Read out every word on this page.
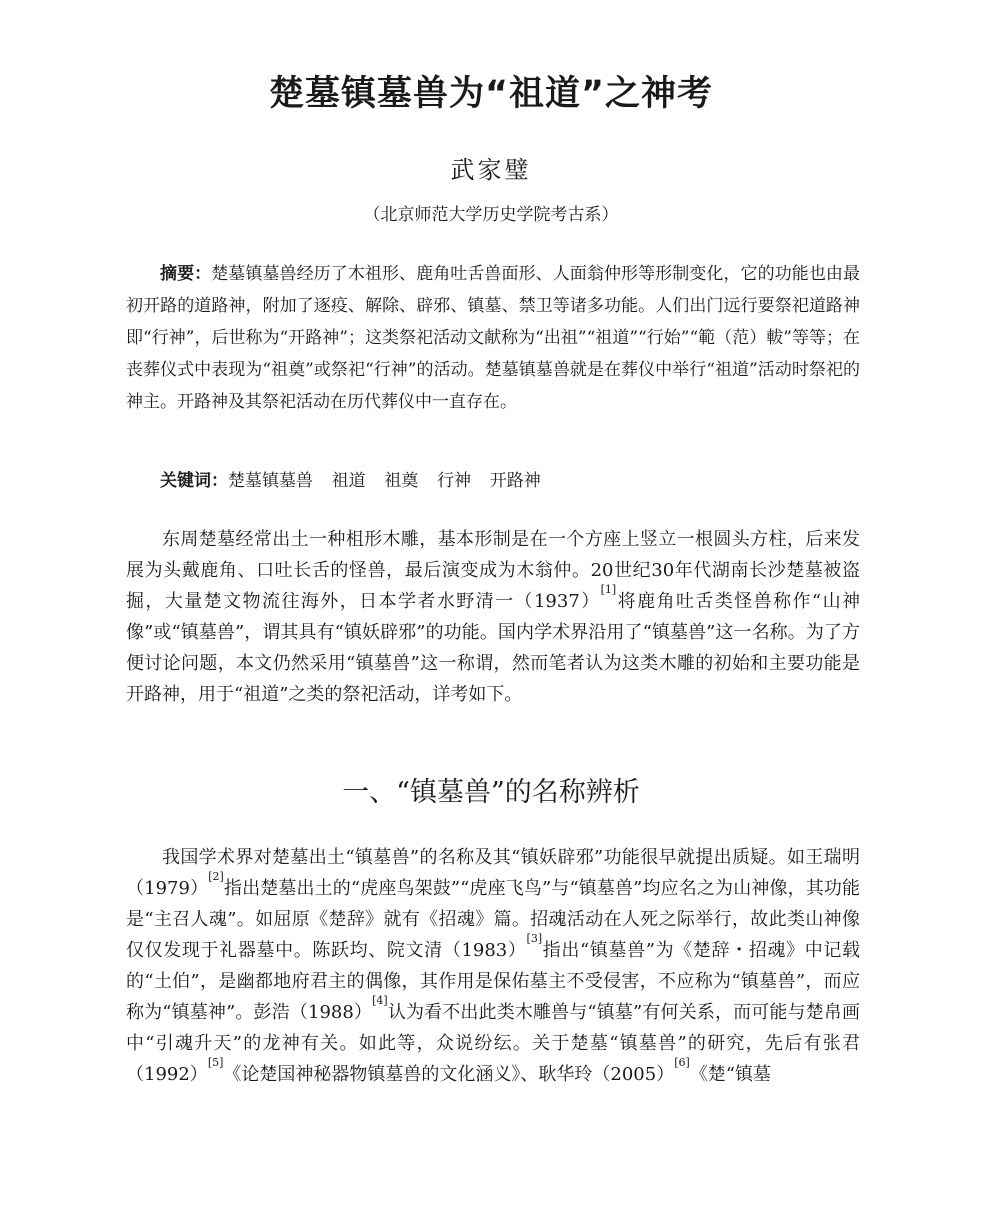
楚墓镇墓兽为“祖道”之神考
武家璧
（北京师范大学历史学院考古系）

摘要：楚墓镇墓兽经历了木祖形、鹿角吐舌兽面形、人面翁仲形等形制变化，它的功能也由最初开路的道路神，附加了逐疫、解除、辟邪、镇墓、禁卫等诸多功能。人们出门远行要祭祀道路神即“行神”，后世称为“开路神”；这类祭祀活动文献称为“出祖”“祖道”“行始”“範（范）軷”等等；在丧葬仪式中表现为“祖奠”或祭祀“行神”的活动。楚墓镇墓兽就是在葬仪中举行“祖道”活动时祭祀的神主。开路神及其祭祀活动在历代葬仪中一直存在。

关键词：楚墓镇墓兽 祖道 祖奠 行神 开路神

东周楚墓经常出土一种柤形木雕，基本形制是在一个方座上竖立一根圆头方柱，后来发展为头戴鹿角、口吐长舌的怪兽，最后演变成为木翁仲。20世纪30年代湖南长沙楚墓被盗掘，大量楚文物流往海外，日本学者水野清一（1937）[1]将鹿角吐舌类怪兽称作“山神像”或“镇墓兽”，谓其具有“镇妖辟邪”的功能。国内学术界沿用了“镇墓兽”这一名称。为了方便讨论问题，本文仍然采用“镇墓兽”这一称谓，然而笔者认为这类木雕的初始和主要功能是开路神，用于“祖道”之类的祭祀活动，详考如下。

一、“镇墓兽”的名称辨析

我国学术界对楚墓出土“镇墓兽”的名称及其“镇妖辟邪”功能很早就提出质疑。如王瑞明（1979）[2]指出楚墓出土的“虎座鸟架鼓”“虎座飞鸟”与“镇墓兽”均应名之为山神像，其功能是“主召人魂”。如屈原《楚辞》就有《招魂》篇。招魂活动在人死之际举行，故此类山神像仅仅发现于礼器墓中。陈跃均、院文清（1983）[3]指出“镇墓兽”为《楚辞・招魂》中记载的“土伯”，是幽都地府君主的偶像，其作用是保佑墓主不受侵害，不应称为“镇墓兽”，而应称为“镇墓神”。彭浩（1988）[4]认为看不出此类木雕兽与“镇墓”有何关系，而可能与楚帛画中“引魂升天”的龙神有关。如此等，众说纷纭。关于楚墓“镇墓兽”的研究，先后有张君（1992）[5]《论楚国神秘器物镇墓兽的文化涵义》、耿华玲（2005）[6]《楚“镇墓
